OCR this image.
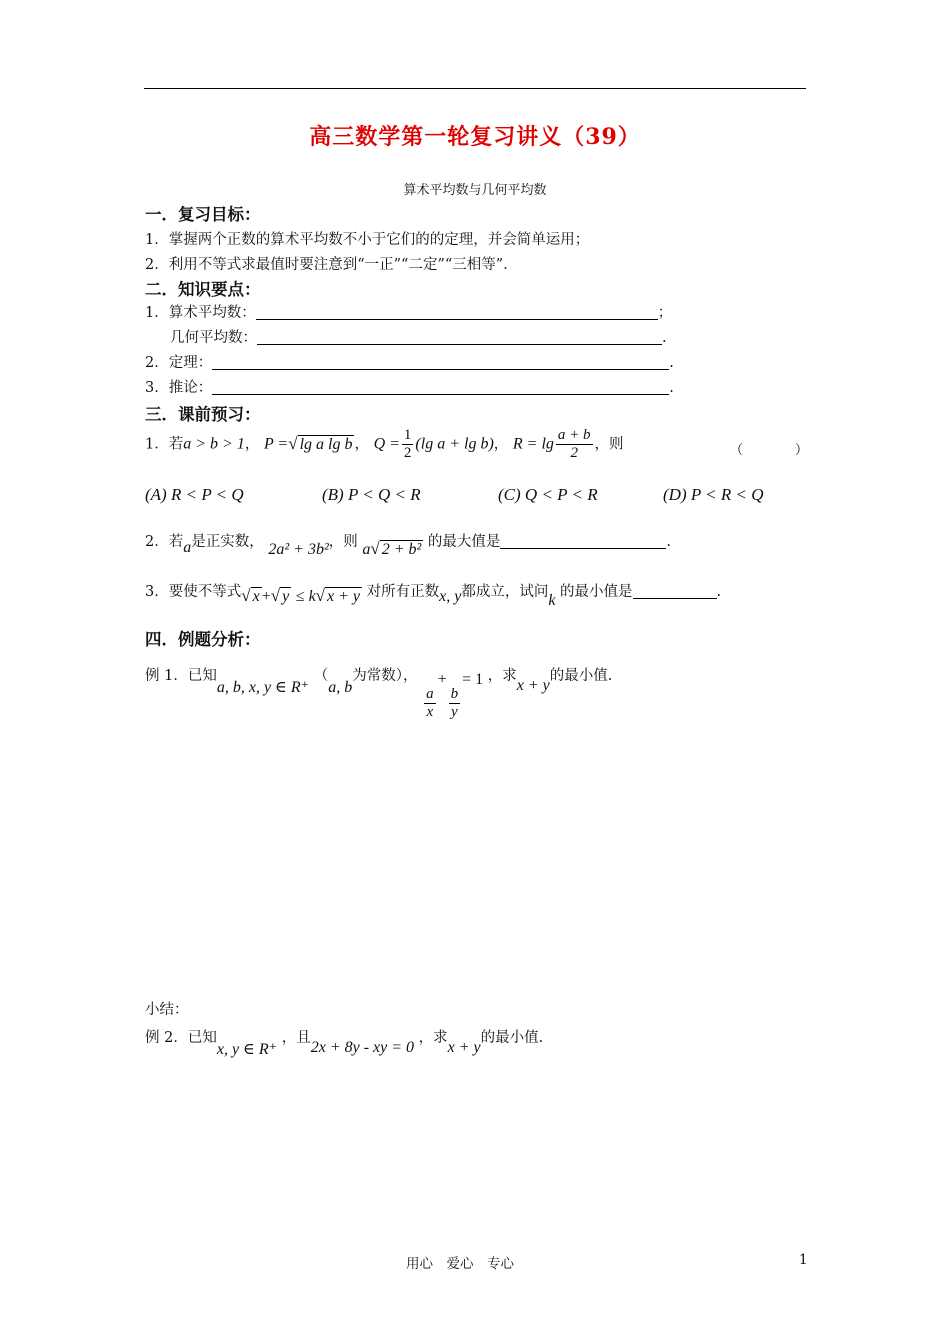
高三数学第一轮复习讲义（39）
算术平均数与几何平均数
一．复习目标：
1．掌握两个正数的算术平均数不小于它们的的定理，并会简单运用；
2．利用不等式求最值时要注意到“一正”“二定”“三相等”．
二．知识要点：
1．算术平均数：	；
几何平均数：	.
2．定理：	.
3．推论：	.
三．课前预习：
1．若a > b > 1， P =√ lg a lg b ， $Q = \frac{1}{2} (\lg$ a + lg b)， $R = \lg \frac{a + b}{2}$ ，则	（　　　　）
(A) R < P < Q	(B) P < Q < R	(C) Q < P < R	(D) P < R < Q
2．若a是正实数， 2a² + 3b²，则 a√ 2 + b² 的最大值是	.
3．要使不等式√ x +√ y ≤ k√ x + y 对所有正数x, y都成立，试问k 的最小值是	.
四．例题分析：
例 1．已知a, b, x, y ∈ R⁺ （a, b为常数），
$\frac{a}{x}$
+
$\frac{b}{y}$
= 1 ，求x + y的最小值.
小结：
例 2．已知x, y ∈ R⁺ ，且2x + 8y - xy = 0 ，求x + y的最小值.
用心　爱心　专心	1
